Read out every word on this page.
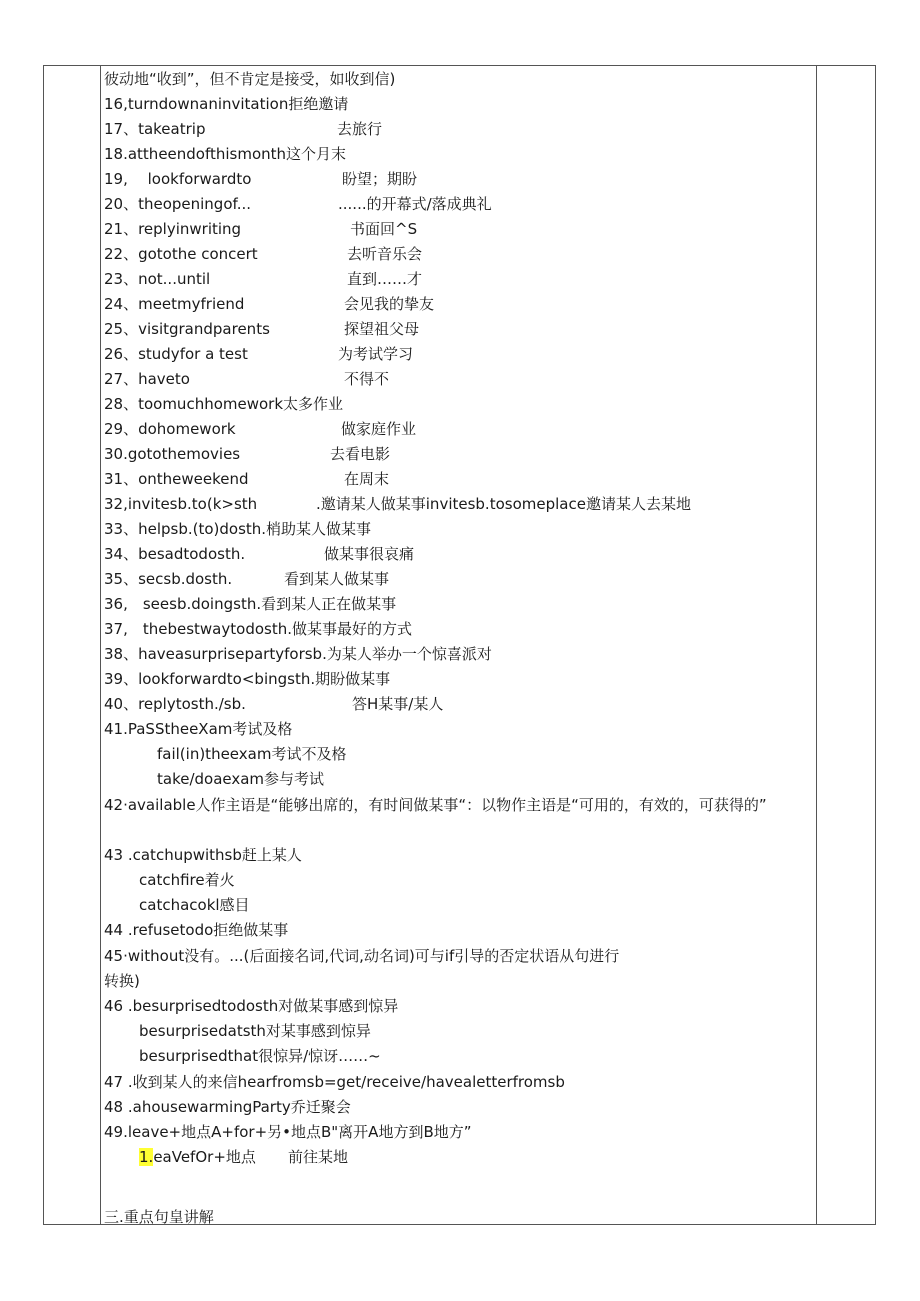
彼动地“收到”，但不肯定是接受，如收到信)
16,turndownaninvitation拒绝邀请
17、takeatrip	去旅行
18.attheendofthismonth这个月末
19,　 lookforwardto	盼望；期盼
20、theopeningof...	......的开幕式/落成典礼
21、replyinwriting	书面回^S
22、gotothe concert	去听音乐会
23、not...until	直到……才
24、meetmyfriend	会见我的挚友
25、visitgrandparents	探望祖父母
26、studyfor a test	为考试学习
27、haveto	不得不
28、toomuchhomework太多作业
29、dohomework	做家庭作业
30.gotothemovies	去看电影
31、ontheweekend	在周末
32,invitesb.to(k>sth	.邀请某人做某事invitesb.tosomeplace邀请某人去某地
33、helpsb.(to)dosth.梢助某人做某事
34、besadtodosth.	做某事很哀痛
35、secsb.dosth.	看到某人做某事
36,　seesb.doingsth.看到某人正在做某事
37,　thebestwaytodosth.做某事最好的方式
38、haveasurprisepartyforsb.为某人举办一个惊喜派对
39、lookforwardto<bingsth.期盼做某事
40、replytosth./sb.	答H某事/某人
41.PaSStheeXam考试及格
fail(in)theexam考试不及格
take/doaexam参与考试
42·available人作主语是“能够出席的，有时间做某事“：以物作主语是“可用的，有效的，可获得的”
43 .catchupwithsb赶上某人
catchfire着火
catchacokl感目
44 .refusetodo拒绝做某事
45·without没有。...(后面接名词,代词,动名词)可与if引导的否定状语从句进行
转换)
46 .besurprisedtodosth对做某事感到惊异
besurprisedatsth对某事感到惊异
besurprisedthat很惊异/惊讶……~
47 .收到某人的来信hearfromsb=get/receive/havealetterfromsb
48 .ahousewarmingParty乔迁聚会
49.leave+地点A+for+另•地点B"离开A地方到B地方”
1.eaVefOr+地点 前往某地
三.重点句皇讲解
